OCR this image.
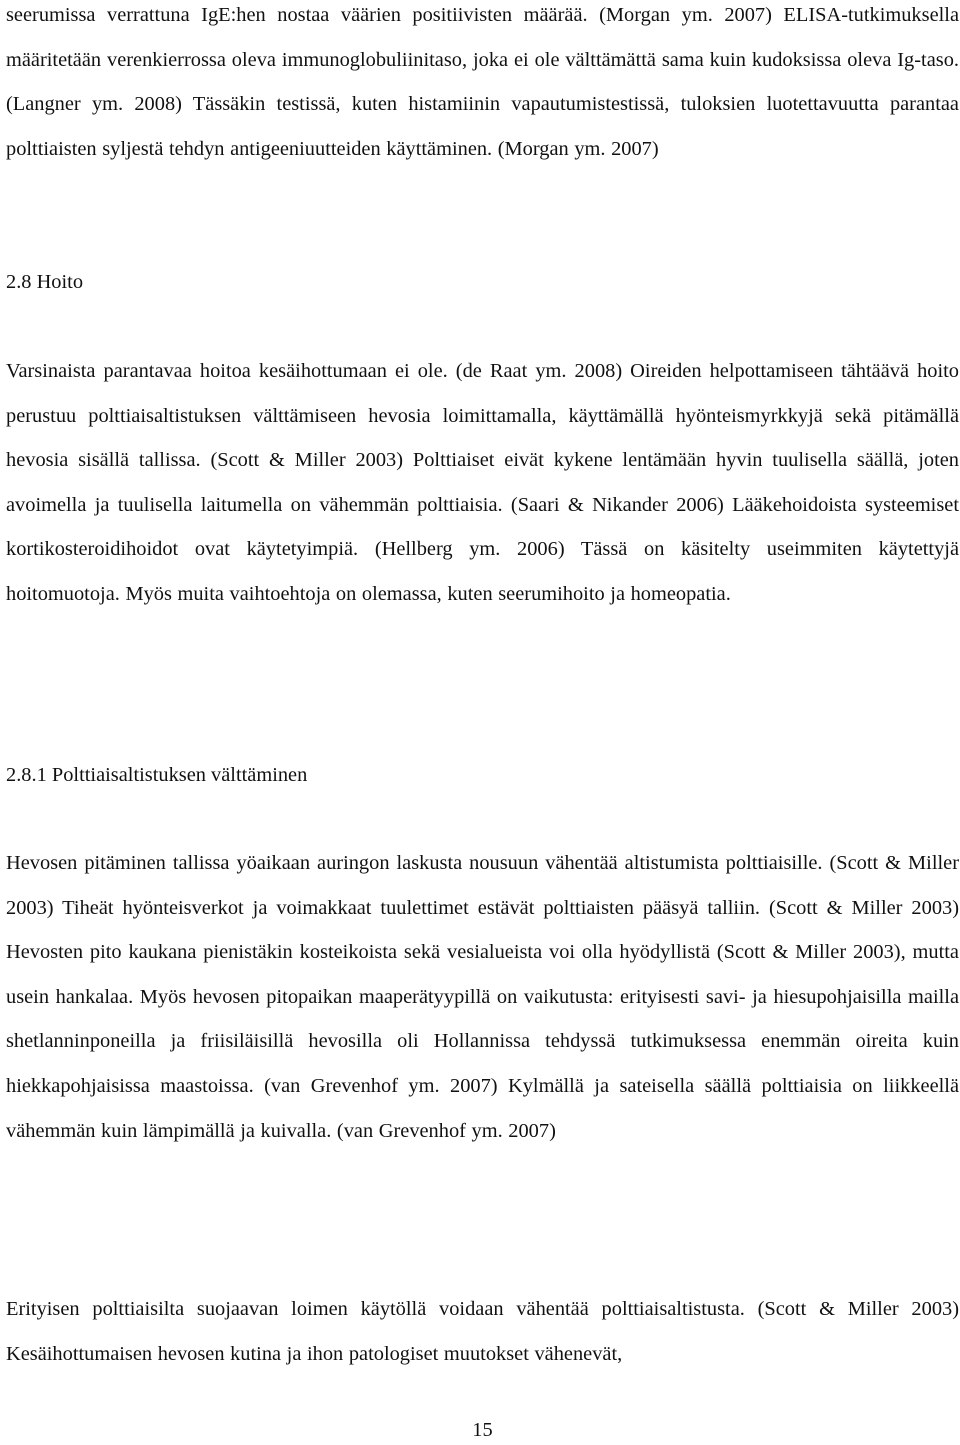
seerumissa verrattuna IgE:hen nostaa väärien positiivisten määrää. (Morgan ym. 2007) ELISA-tutkimuksella määritetään verenkierrossa oleva immunoglobuliinitaso, joka ei ole välttämättä sama kuin kudoksissa oleva Ig-taso. (Langner ym. 2008) Tässäkin testissä, kuten histamiinin vapautumistestissä, tuloksien luotettavuutta parantaa polttiaisten syljestä tehdyn antigeeniuutteiden käyttäminen. (Morgan ym. 2007)

2.8 Hoito

Varsinaista parantavaa hoitoa kesäihottumaan ei ole. (de Raat ym. 2008) Oireiden helpottamiseen tähtäävä hoito perustuu polttiaisaltistuksen välttämiseen hevosia loimittamalla, käyttämällä hyönteismyrkkyjä sekä pitämällä hevosia sisällä tallissa. (Scott & Miller 2003) Polttiaiset eivät kykene lentämään hyvin tuulisella säällä, joten avoimella ja tuulisella laitumella on vähemmän polttiaisia. (Saari & Nikander 2006) Lääkehoidoista systeemiset kortikosteroidihoidot ovat käytetyimpiä. (Hellberg ym. 2006) Tässä on käsitelty useimmiten käytettyjä hoitomuotoja. Myös muita vaihtoehtoja on olemassa, kuten seerumihoito ja homeopatia.

2.8.1 Polttiaisaltistuksen välttäminen

Hevosen pitäminen tallissa yöaikaan auringon laskusta nousuun vähentää altistumista polttiaisille. (Scott & Miller 2003) Tiheät hyönteisverkot ja voimakkaat tuulettimet estävät polttiaisten pääsyä talliin. (Scott & Miller 2003) Hevosten pito kaukana pienistäkin kosteikoista sekä vesialueista voi olla hyödyllistä (Scott & Miller 2003), mutta usein hankalaa. Myös hevosen pitopaikan maaperätyypillä on vaikutusta: erityisesti savi- ja hiesupohjaisilla mailla shetlanninponeilla ja friisiläisillä hevosilla oli Hollannissa tehdyssä tutkimuksessa enemmän oireita kuin hiekkapohjaisissa maastoissa. (van Grevenhof ym. 2007) Kylmällä ja sateisella säällä polttiaisia on liikkeellä vähemmän kuin lämpimällä ja kuivalla. (van Grevenhof ym. 2007)

Erityisen polttiaisilta suojaavan loimen käytöllä voidaan vähentää polttiaisaltistusta. (Scott & Miller 2003) Kesäihottumaisen hevosen kutina ja ihon patologiset muutokset vähenevät,

15
